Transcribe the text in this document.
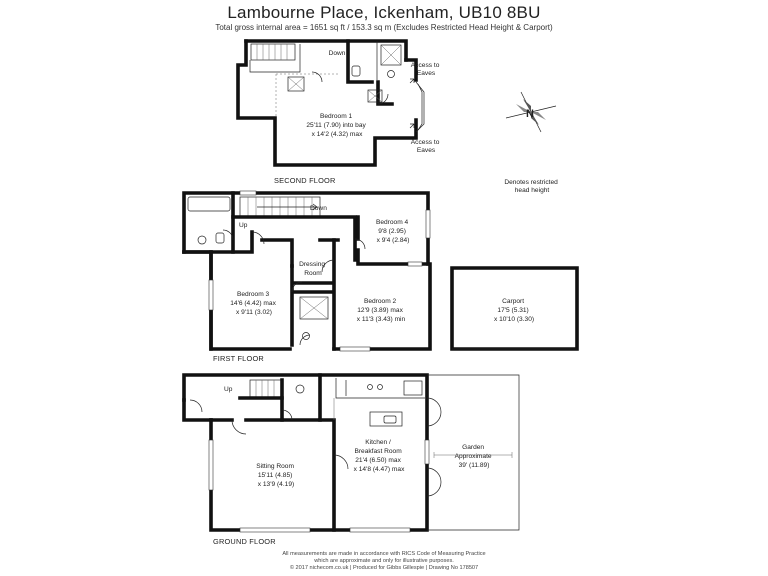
Lambourne Place, Ickenham, UB10 8BU
Total gross internal area = 1651 sq ft / 153.3 sq m (Excludes Restricted Head Height & Carport)
Down
Access to Eaves
Access to Eaves
Bedroom 1 25'11 (7.90) into bay x 14'2 (4.32) max
SECOND FLOOR
N
Denotes restricted head height
Up
Down
Bedroom 4 9'8 (2.95) x 9'4 (2.84)
Dressing Room
Bedroom 3 14'6 (4.42) max x 9'11 (3.02)
Bedroom 2 12'9 (3.89) max x 11'3 (3.43) min
Carport 17'5 (5.31) x 10'10 (3.30)
FIRST FLOOR
Up
Kitchen / Breakfast Room 21'4 (6.50) max x 14'8 (4.47) max
Sitting Room 15'11 (4.85) x 13'9 (4.19)
Garden Approximate 39' (11.89)
GROUND FLOOR
All measurements are made in accordance with RICS Code of Measuring Practice
which are approximate and only for illustrative purposes.
© 2017 nichecom.co.uk | Produced for Gibbs Gillespie | Drawing No 178507
